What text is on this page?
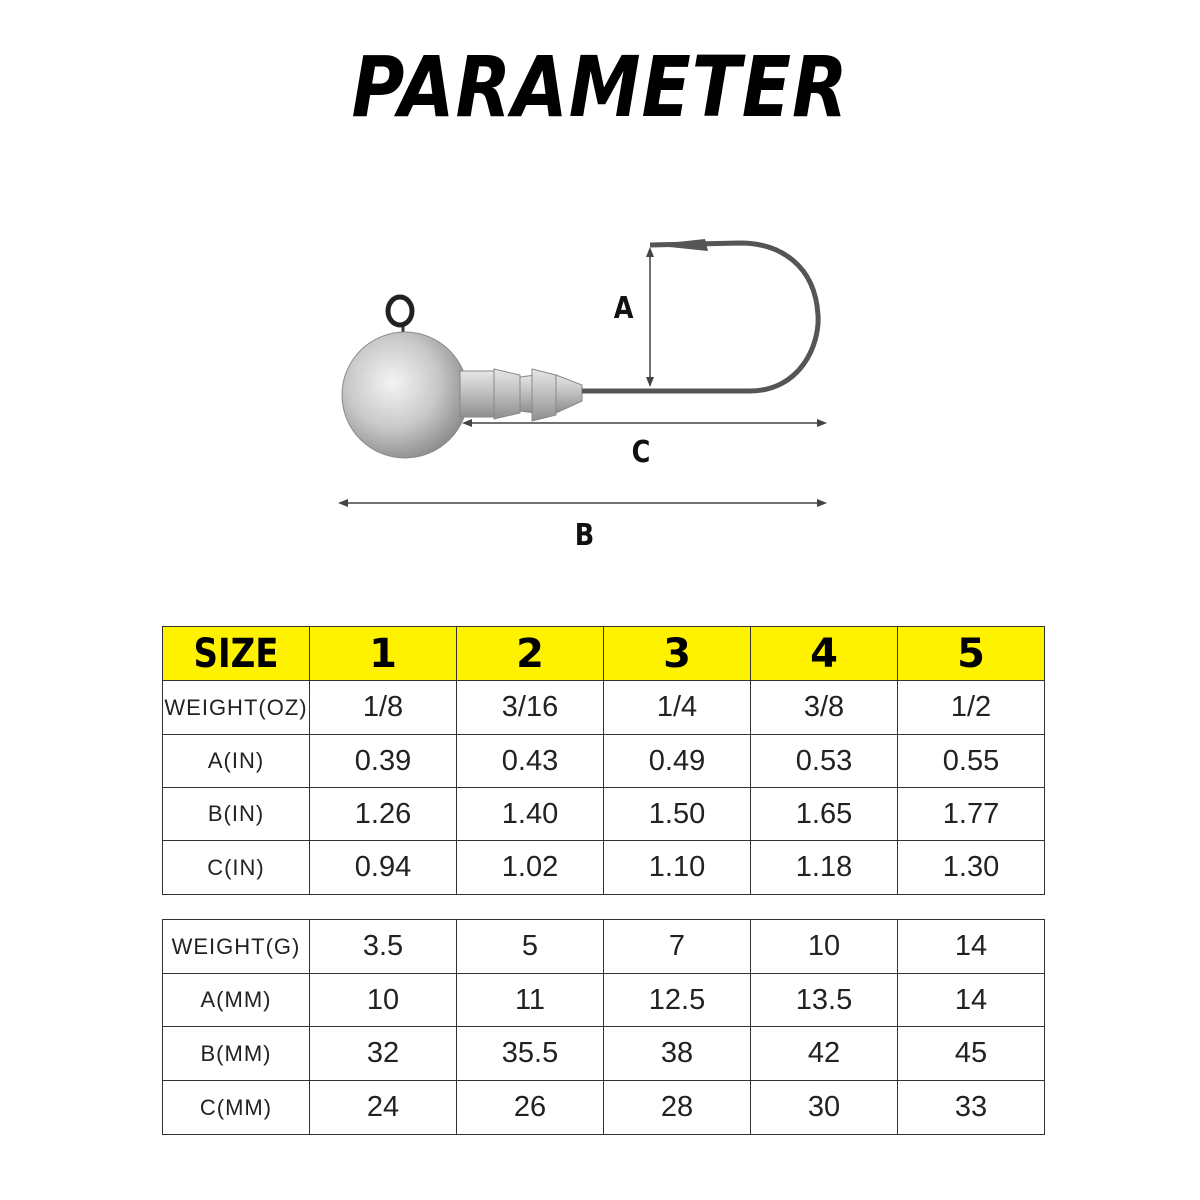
PARAMETER
A
C
B
SIZE	1	2	3	4	5
WEIGHT(OZ)	1/8	3/16	1/4	3/8	1/2
A(IN)	0.39	0.43	0.49	0.53	0.55
B(IN)	1.26	1.40	1.50	1.65	1.77
C(IN)	0.94	1.02	1.10	1.18	1.30
WEIGHT(G)	3.5	5	7	10	14
A(MM)	10	11	12.5	13.5	14
B(MM)	32	35.5	38	42	45
C(MM)	24	26	28	30	33
